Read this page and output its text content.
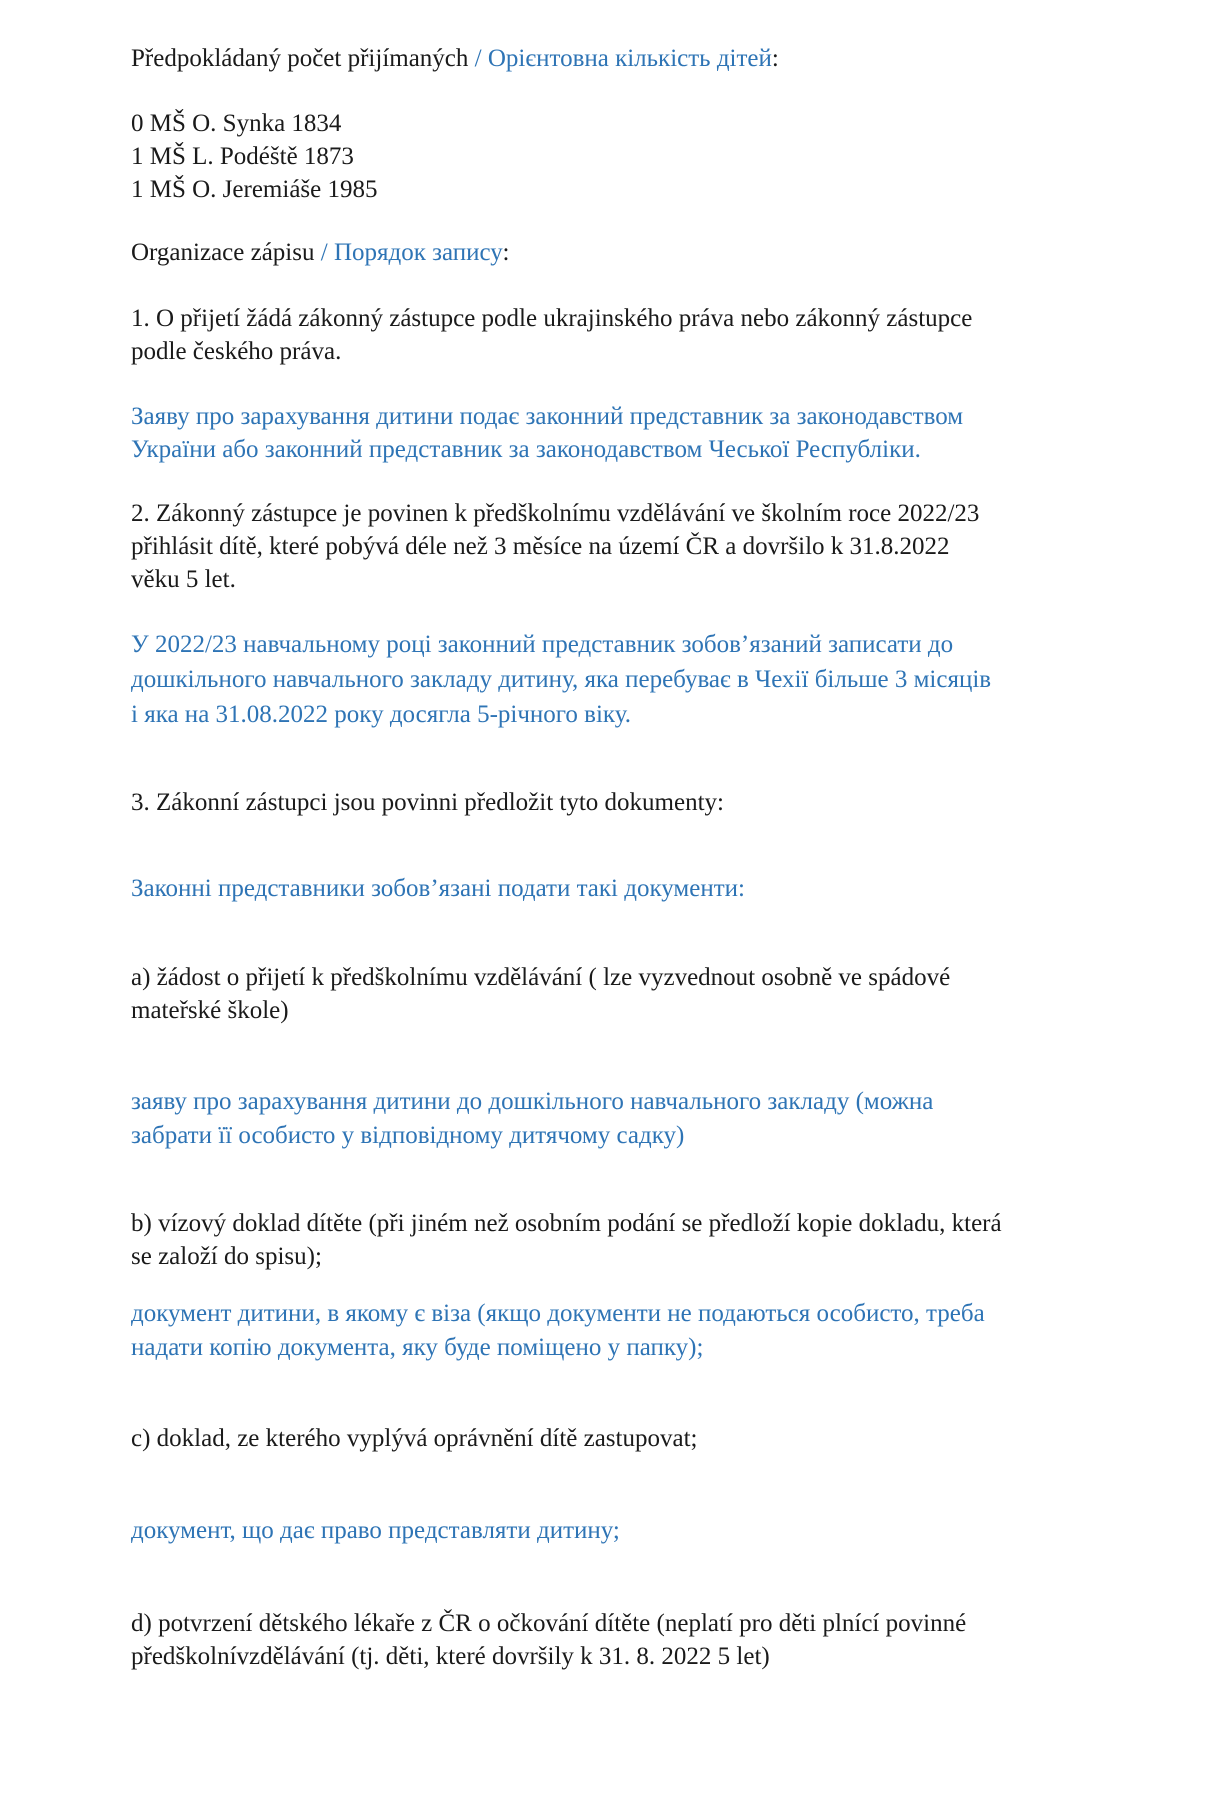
Předpokládaný počet přijímaných / Орієнтовна кількість дітей:

0 MŠ O. Synka 1834
1 MŠ L. Podéště 1873
1 MŠ O. Jeremiáše 1985

Organizace zápisu / Порядок запису:

1. O přijetí žádá zákonný zástupce podle ukrajinského práva nebo zákonný zástupce
podle českého práva.
Заяву про зарахування дитини подає законний представник за законодавством
України або законний представник за законодавством Чеської Республіки.
2. Zákonný zástupce je povinen k předškolnímu vzdělávání ve školním roce 2022/23
přihlásit dítě, které pobývá déle než 3 měsíce na území ČR a dovršilo k 31.8.2022
věku 5 let.
У 2022/23 навчальному році законний представник зобов’язаний записати до
дошкільного навчального закладу дитину, яка перебуває в Чехії більше 3 місяців
і яка на 31.08.2022 року досягла 5-річного віку.
3. Zákonní zástupci jsou povinni předložit tyto dokumenty:
Законні представники зобов’язані подати такі документи:
a) žádost o přijetí k předškolnímu vzdělávání ( lze vyzvednout osobně ve spádové
mateřské škole)
заяву про зарахування дитини до дошкільного навчального закладу (можна
забрати її особисто у відповідному дитячому садку)
b) vízový doklad dítěte (při jiném než osobním podání se předloží kopie dokladu, která
se založí do spisu);
документ дитини, в якому є віза (якщо документи не подаються особисто, треба
надати копію документа, яку буде поміщено у папку);
c) doklad, ze kterého vyplývá oprávnění dítě zastupovat;
документ, що дає право представляти дитину;
d) potvrzení dětského lékaře z ČR o očkování dítěte (neplatí pro děti plnící povinné
předškolnívzdělávání (tj. děti, které dovršily k 31. 8. 2022 5 let)
